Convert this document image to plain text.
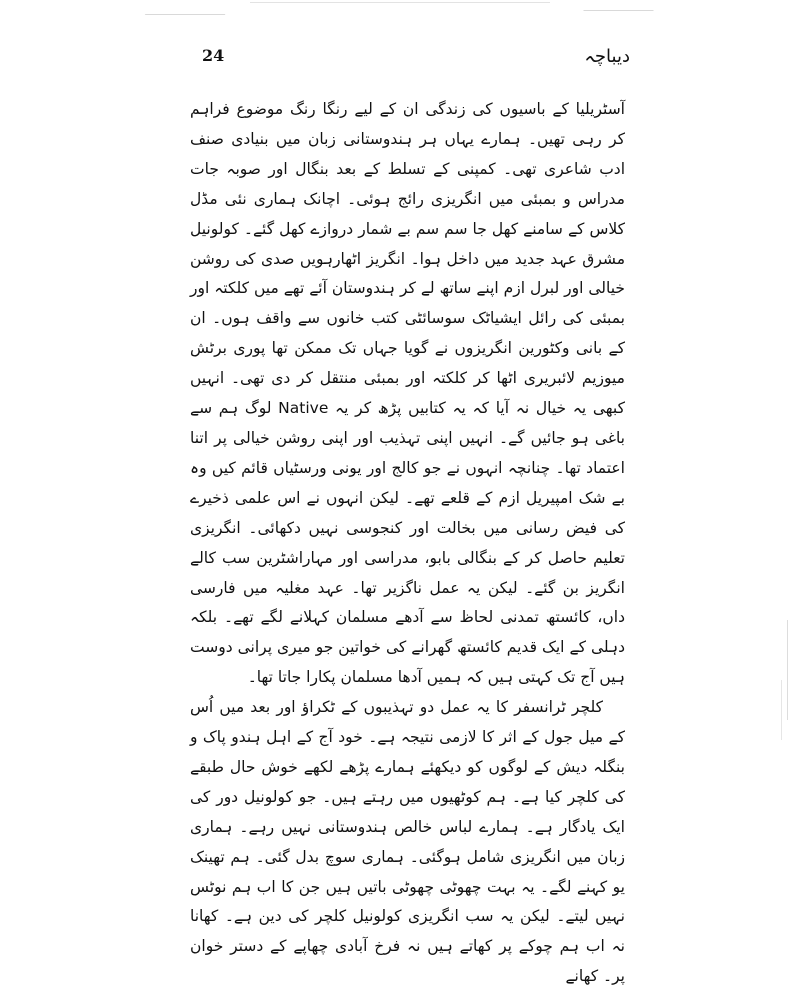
24	دیباچہ

آسٹریلیا کے باسیوں کی زندگی ان کے لیے رنگا رنگ موضوع فراہم کر رہی تھیں۔ ہمارے یہاں ہر ہندوستانی زبان میں بنیادی صنف ادب شاعری تھی۔ کمپنی کے تسلط کے بعد بنگال اور صوبہ جات مدراس و بمبئی میں انگریزی رائج ہوئی۔ اچانک ہماری نئی مڈل کلاس کے سامنے کھل جا سم سم بے شمار دروازے کھل گئے۔ کولونیل مشرق عہد جدید میں داخل ہوا۔ انگریز اٹھارہویں صدی کی روشن خیالی اور لبرل ازم اپنے ساتھ لے کر ہندوستان آئے تھے میں کلکتہ اور بمبئی کی رائل ایشیاٹک سوسائٹی کتب خانوں سے واقف ہوں۔ ان کے بانی وکٹورین انگریزوں نے گویا جہاں تک ممکن تھا پوری برٹش میوزیم لائبریری اٹھا کر کلکتہ اور بمبئی منتقل کر دی تھی۔ انہیں کبھی یہ خیال نہ آیا کہ یہ کتابیں پڑھ کر یہ Native لوگ ہم سے باغی ہو جائیں گے۔ انہیں اپنی تہذیب اور اپنی روشن خیالی پر اتنا اعتماد تھا۔ چنانچہ انہوں نے جو کالج اور یونی ورسٹیاں قائم کیں وہ بے شک امپیریل ازم کے قلعے تھے۔ لیکن انہوں نے اس علمی ذخیرے کی فیض رسانی میں بخالت اور کنجوسی نہیں دکھائی۔ انگریزی تعلیم حاصل کر کے بنگالی بابو، مدراسی اور مہاراشٹرین سب کالے انگریز بن گئے۔ لیکن یہ عمل ناگزیر تھا۔ عہد مغلیہ میں فارسی داں، کائستھ تمدنی لحاظ سے آدھے مسلمان کہلانے لگے تھے۔ بلکہ دہلی کے ایک قدیم کائستھ گھرانے کی خواتین جو میری پرانی دوست ہیں آج تک کہتی ہیں کہ ہمیں آدھا مسلمان پکارا جاتا تھا۔

کلچر ٹرانسفر کا یہ عمل دو تہذیبوں کے ٹکراؤ اور بعد میں اُس کے میل جول کے اثر کا لازمی نتیجہ ہے۔ خود آج کے اہل ہندو پاک و بنگلہ دیش کے لوگوں کو دیکھئے ہمارے پڑھے لکھے خوش حال طبقے کی کلچر کیا ہے۔ ہم کوٹھیوں میں رہتے ہیں۔ جو کولونیل دور کی ایک یادگار ہے۔ ہمارے لباس خالص ہندوستانی نہیں رہے۔ ہماری زبان میں انگریزی شامل ہوگئی۔ ہماری سوچ بدل گئی۔ ہم تھینک یو کہنے لگے۔ یہ بہت چھوٹی چھوٹی باتیں ہیں جن کا اب ہم نوٹس نہیں لیتے۔ لیکن یہ سب انگریزی کولونیل کلچر کی دین ہے۔ کھانا نہ اب ہم چوکے پر کھاتے ہیں نہ فرخ آبادی چھاپے کے دستر خوان پر۔ کھانے
